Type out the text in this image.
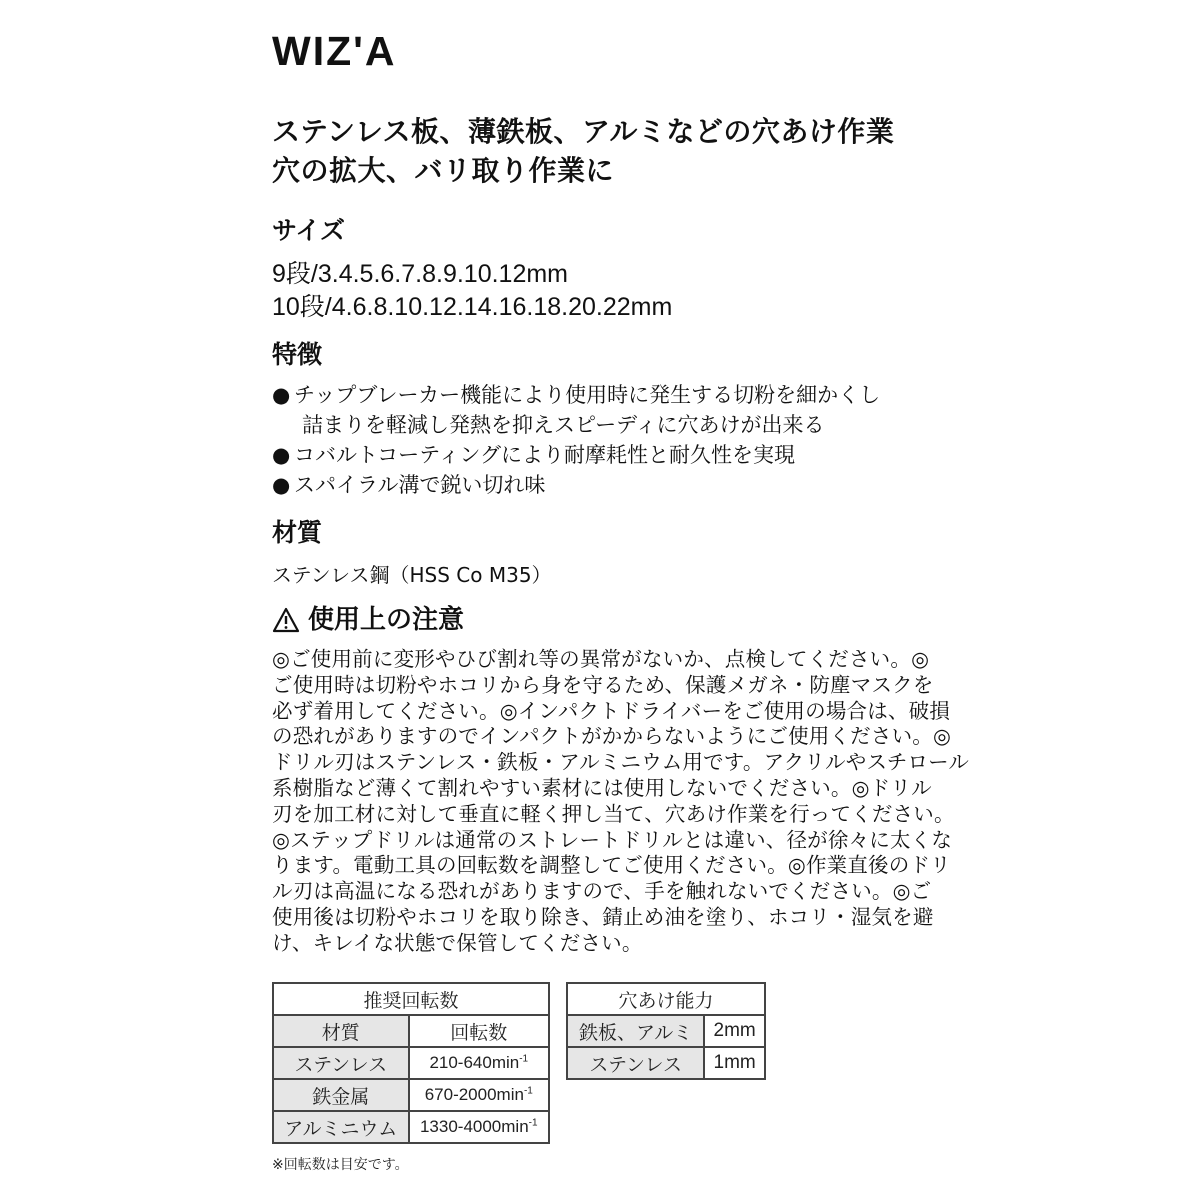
WIZ'A
ステンレス板、薄鉄板、アルミなどの穴あけ作業
穴の拡大、バリ取り作業に
サイズ
9段/3.4.5.6.7.8.9.10.12mm
10段/4.6.8.10.12.14.16.18.20.22mm
特徴
● チップブレーカー機能により使用時に発生する切粉を細かくし
詰まりを軽減し発熱を抑えスピーディに穴あけが出来る
● コバルトコーティングにより耐摩耗性と耐久性を実現
● スパイラル溝で鋭い切れ味
材質
ステンレス鋼（HSS Co M35）
使用上の注意
◎ご使用前に変形やひび割れ等の異常がないか、点検してください。◎
ご使用時は切粉やホコリから身を守るため、保護メガネ・防塵マスクを
必ず着用してください。◎インパクトドライバーをご使用の場合は、破損
の恐れがありますのでインパクトがかからないようにご使用ください。◎
ドリル刃はステンレス・鉄板・アルミニウム用です。アクリルやスチロール
系樹脂など薄くて割れやすい素材には使用しないでください。◎ドリル
刃を加工材に対して垂直に軽く押し当て、穴あけ作業を行ってください。
◎ステップドリルは通常のストレートドリルとは違い、径が徐々に太くな
ります。電動工具の回転数を調整してご使用ください。◎作業直後のドリ
ル刃は高温になる恐れがありますので、手を触れないでください。◎ご
使用後は切粉やホコリを取り除き、錆止め油を塗り、ホコリ・湿気を避
け、キレイな状態で保管してください。
推奨回転数	
材質	回転数
ステンレス	$210-640\min^{-1}$
鉄金属	$670-2000\min^{-1}$
アルミニウム	$1330-4000\min^{-1}$
穴あけ能力	
鉄板、アルミ	2mm
ステンレス	1mm
※回転数は目安です。
